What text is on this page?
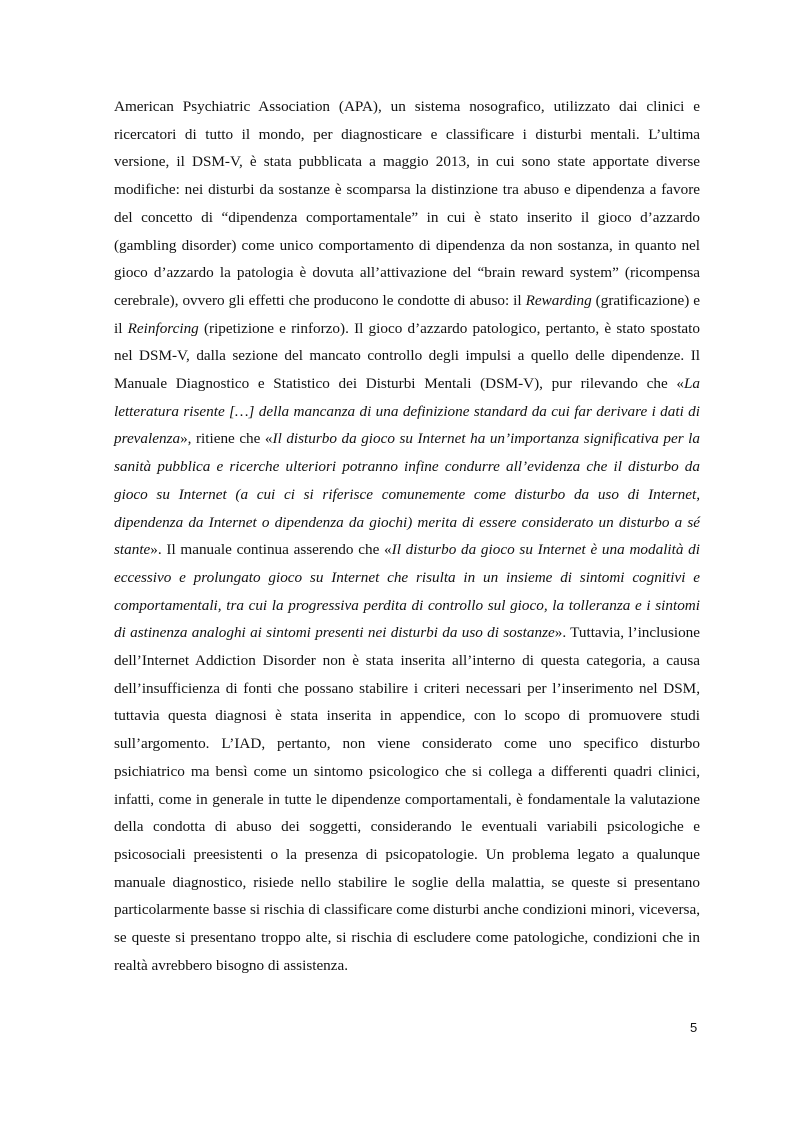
American Psychiatric Association (APA), un sistema nosografico, utilizzato dai clinici e ricercatori di tutto il mondo, per diagnosticare e classificare i disturbi mentali. L’ultima versione, il DSM-V, è stata pubblicata a maggio 2013, in cui sono state apportate diverse modifiche: nei disturbi da sostanze è scomparsa la distinzione tra abuso e dipendenza a favore del concetto di “dipendenza comportamentale” in cui è stato inserito il gioco d’azzardo (gambling disorder) come unico comportamento di dipendenza da non sostanza, in quanto nel gioco d’azzardo la patologia è dovuta all’attivazione del “brain reward system” (ricompensa cerebrale), ovvero gli effetti che producono le condotte di abuso: il Rewarding (gratificazione) e il Reinforcing (ripetizione e rinforzo). Il gioco d’azzardo patologico, pertanto, è stato spostato nel DSM-V, dalla sezione del mancato controllo degli impulsi a quello delle dipendenze. Il Manuale Diagnostico e Statistico dei Disturbi Mentali (DSM-V), pur rilevando che «La letteratura risente […] della mancanza di una definizione standard da cui far derivare i dati di prevalenza», ritiene che «Il disturbo da gioco su Internet ha un’importanza significativa per la sanità pubblica e ricerche ulteriori potranno infine condurre all’evidenza che il disturbo da gioco su Internet (a cui ci si riferisce comunemente come disturbo da uso di Internet, dipendenza da Internet o dipendenza da giochi) merita di essere considerato un disturbo a sé stante». Il manuale continua asserendo che «Il disturbo da gioco su Internet è una modalità di eccessivo e prolungato gioco su Internet che risulta in un insieme di sintomi cognitivi e comportamentali, tra cui la progressiva perdita di controllo sul gioco, la tolleranza e i sintomi di astinenza analoghi ai sintomi presenti nei disturbi da uso di sostanze». Tuttavia, l’inclusione dell’Internet Addiction Disorder non è stata inserita all’interno di questa categoria, a causa dell’insufficienza di fonti che possano stabilire i criteri necessari per l’inserimento nel DSM, tuttavia questa diagnosi è stata inserita in appendice, con lo scopo di promuovere studi sull’argomento. L’IAD, pertanto, non viene considerato come uno specifico disturbo psichiatrico ma bensì come un sintomo psicologico che si collega a differenti quadri clinici, infatti, come in generale in tutte le dipendenze comportamentali, è fondamentale la valutazione della condotta di abuso dei soggetti, considerando le eventuali variabili psicologiche e psicosociali preesistenti o la presenza di psicopatologie. Un problema legato a qualunque manuale diagnostico, risiede nello stabilire le soglie della malattia, se queste si presentano particolarmente basse si rischia di classificare come disturbi anche condizioni minori, viceversa, se queste si presentano troppo alte, si rischia di escludere come patologiche, condizioni che in realtà avrebbero bisogno di assistenza.

5
